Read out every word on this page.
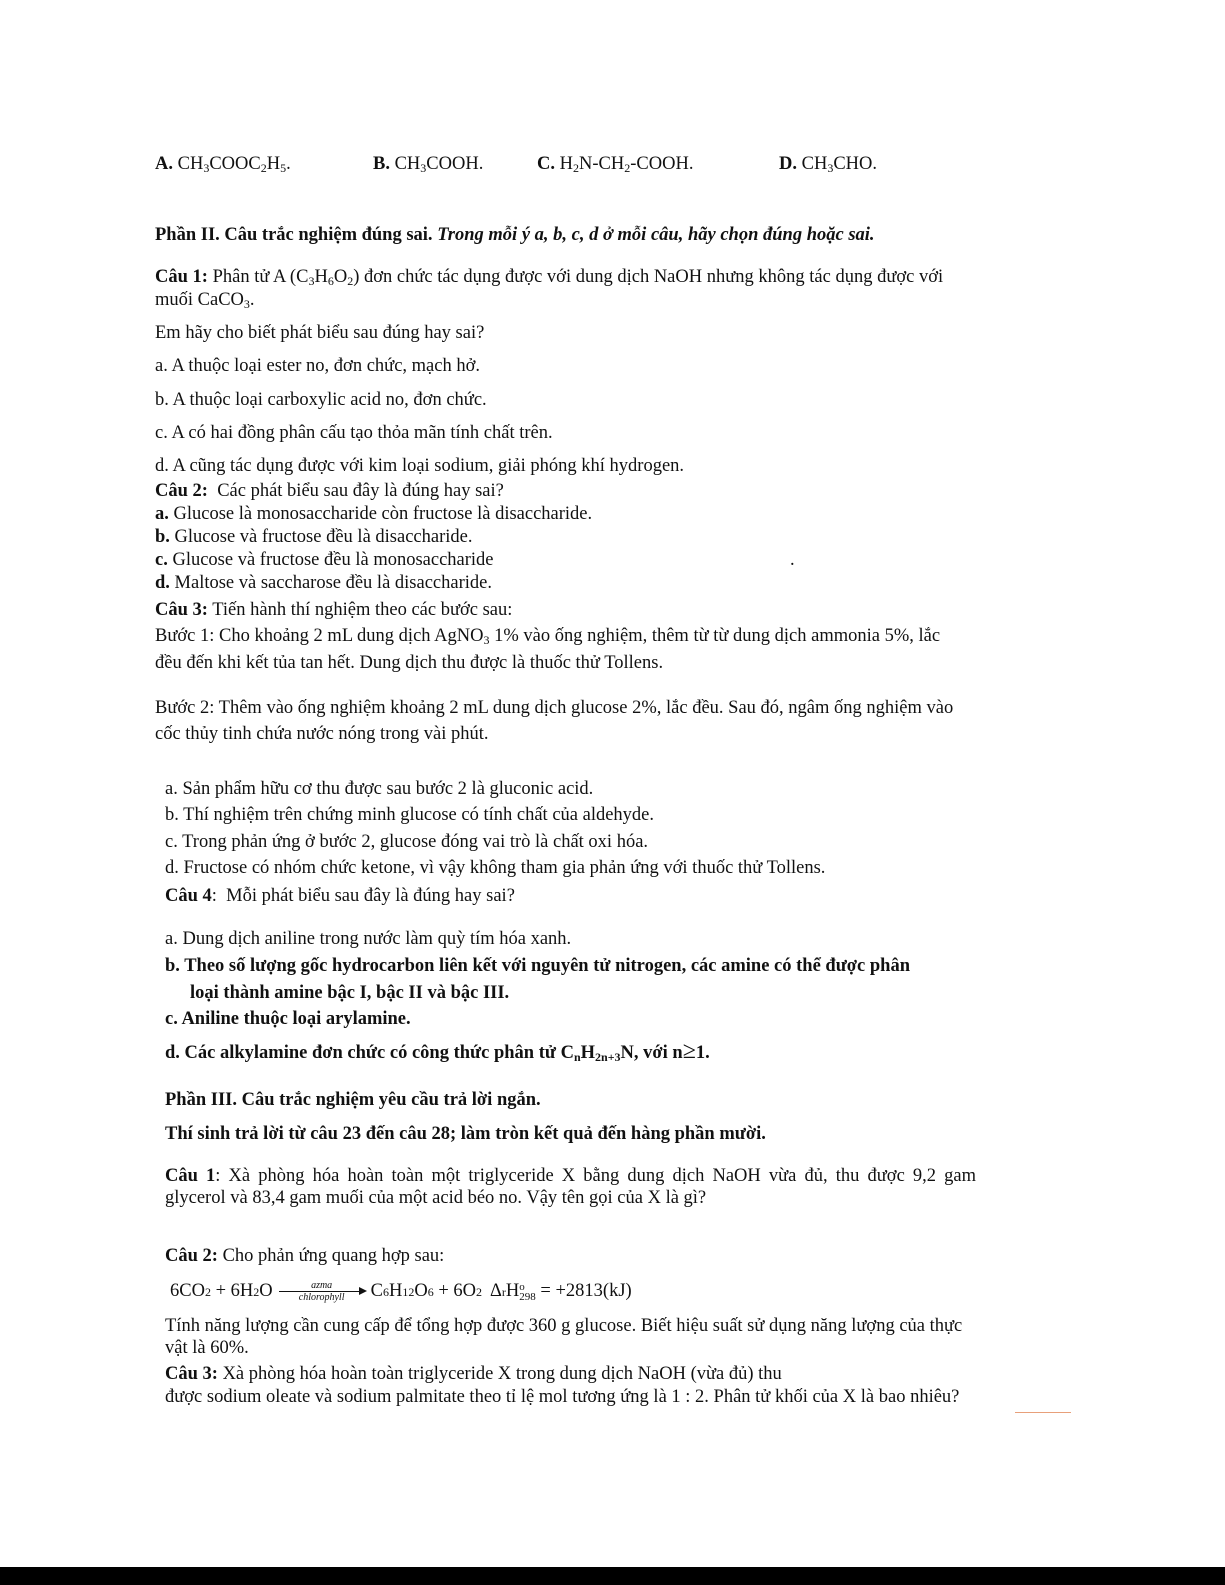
A. $CH_3COOC_2H_5$.	B. $CH_3COOH$.	C. $H_2N-CH_2$-COOH.	D. $CH_3CHO$.
Phần II. Câu trắc nghiệm đúng sai. Trong mỗi ý a, b, c, d ở mỗi câu, hãy chọn đúng hoặc sai.
Câu 1: Phân tử A $(C_3H_6O_2)$ đơn chức tác dụng được với dung dịch NaOH nhưng không tác dụng được với
muối CaCO$_3$.
Em hãy cho biết phát biểu sau đúng hay sai?
a. A thuộc loại ester no, đơn chức, mạch hở.
b. A thuộc loại carboxylic acid no, đơn chức.
c. A có hai đồng phân cấu tạo thỏa mãn tính chất trên.
d. A cũng tác dụng được với kim loại sodium, giải phóng khí hydrogen.
Câu 2: Các phát biểu sau đây là đúng hay sai?
a. Glucose là monosaccharide còn fructose là disaccharide.
b. Glucose và fructose đều là disaccharide.
c. Glucose và fructose đều là monosaccharide	.
d. Maltose và saccharose đều là disaccharide.
Câu 3: Tiến hành thí nghiệm theo các bước sau:
Bước 1: Cho khoảng 2 mL dung dịch AgNO$_3$ 1% vào ống nghiệm, thêm từ từ dung dịch ammonia 5%, lắc
đều đến khi kết tủa tan hết. Dung dịch thu được là thuốc thử Tollens.
Bước 2: Thêm vào ống nghiệm khoảng 2 mL dung dịch glucose 2%, lắc đều. Sau đó, ngâm ống nghiệm vào
cốc thủy tinh chứa nước nóng trong vài phút.
a. Sản phẩm hữu cơ thu được sau bước 2 là gluconic acid.
b. Thí nghiệm trên chứng minh glucose có tính chất của aldehyde.
c. Trong phản ứng ở bước 2, glucose đóng vai trò là chất oxi hóa.
d. Fructose có nhóm chức ketone, vì vậy không tham gia phản ứng với thuốc thử Tollens.
Câu 4: Mỗi phát biểu sau đây là đúng hay sai?
a. Dung dịch aniline trong nước làm quỳ tím hóa xanh.
b. Theo số lượng gốc hydrocarbon liên kết với nguyên tử nitrogen, các amine có thể được phân
loại thành amine bậc I, bậc II và bậc III.
c. Aniline thuộc loại arylamine.
d. Các alkylamine đơn chức có công thức phân tử $C_nH_{2n+3}N$, với n≥1.
Phần III. Câu trắc nghiệm yêu cầu trả lời ngắn.
Thí sinh trả lời từ câu 23 đến câu 28; làm tròn kết quả đến hàng phần mười.
Câu 1: Xà phòng hóa hoàn toàn một triglyceride X bằng dung dịch NaOH vừa đủ, thu được 9,2 gam
glycerol và 83,4 gam muối của một acid béo no. Vậy tên gọi của X là gì?
Câu 2: Cho phản ứng quang hợp sau:
6CO 2 + 6H 2 O	azma
chlorophyll C 6 H 12 O 6 + 6O 2 Δ r H o
298 = +2813(kJ)
Tính năng lượng cần cung cấp để tổng hợp được 360 g glucose. Biết hiệu suất sử dụng năng lượng của thực
vật là 60%.
Câu 3: Xà phòng hóa hoàn toàn triglyceride X trong dung dịch NaOH (vừa đủ) thu
được sodium oleate và sodium palmitate theo tỉ lệ mol tương ứng là 1 : 2. Phân tử khối của X là bao nhiêu?
